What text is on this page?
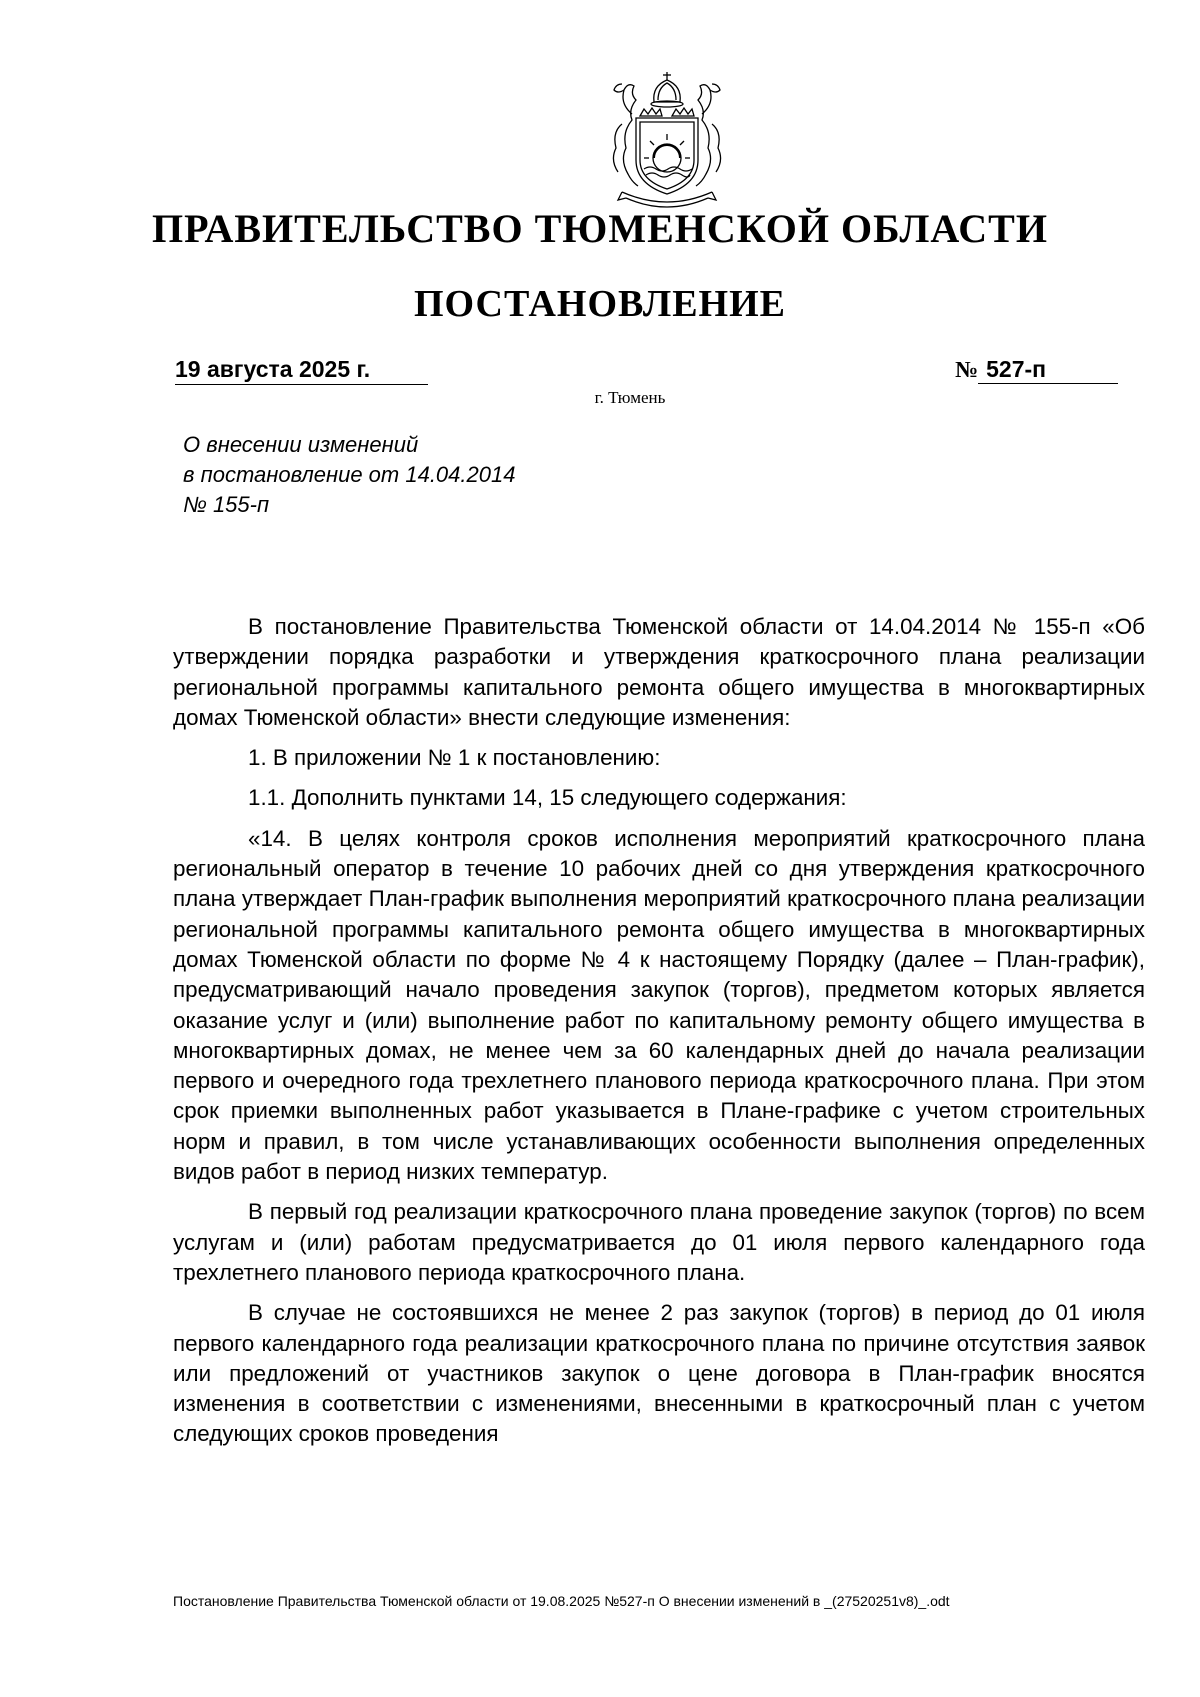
ПРАВИТЕЛЬСТВО ТЮМЕНСКОЙ ОБЛАСТИ
ПОСТАНОВЛЕНИЕ
19 августа 2025 г.	№ 527-п
г. Тюмень
О внесении изменений
в постановление от 14.04.2014
№ 155-п

В постановление Правительства Тюменской области от 14.04.2014 № 155-п «Об утверждении порядка разработки и утверждения краткосрочного плана реализации региональной программы капитального ремонта общего имущества в многоквартирных домах Тюменской области» внести следующие изменения:

1. В приложении № 1 к постановлению:

1.1. Дополнить пунктами 14, 15 следующего содержания:

«14. В целях контроля сроков исполнения мероприятий краткосрочного плана региональный оператор в течение 10 рабочих дней со дня утверждения краткосрочного плана утверждает План-график выполнения мероприятий краткосрочного плана реализации региональной программы капитального ремонта общего имущества в многоквартирных домах Тюменской области по форме № 4 к настоящему Порядку (далее – План-график), предусматривающий начало проведения закупок (торгов), предметом которых является оказание услуг и (или) выполнение работ по капитальному ремонту общего имущества в многоквартирных домах, не менее чем за 60 календарных дней до начала реализации первого и очередного года трехлетнего планового периода краткосрочного плана. При этом срок приемки выполненных работ указывается в Плане-графике с учетом строительных норм и правил, в том числе устанавливающих особенности выполнения определенных видов работ в период низких температур.

В первый год реализации краткосрочного плана проведение закупок (торгов) по всем услугам и (или) работам предусматривается до 01 июля первого календарного года трехлетнего планового периода краткосрочного плана.

В случае не состоявшихся не менее 2 раз закупок (торгов) в период до 01 июля первого календарного года реализации краткосрочного плана по причине отсутствия заявок или предложений от участников закупок о цене договора в План-график вносятся изменения в соответствии с изменениями, внесенными в краткосрочный план с учетом следующих сроков проведения

Постановление Правительства Тюменской области от 19.08.2025 №527-п О внесении изменений в _(27520251v8)_.odt
